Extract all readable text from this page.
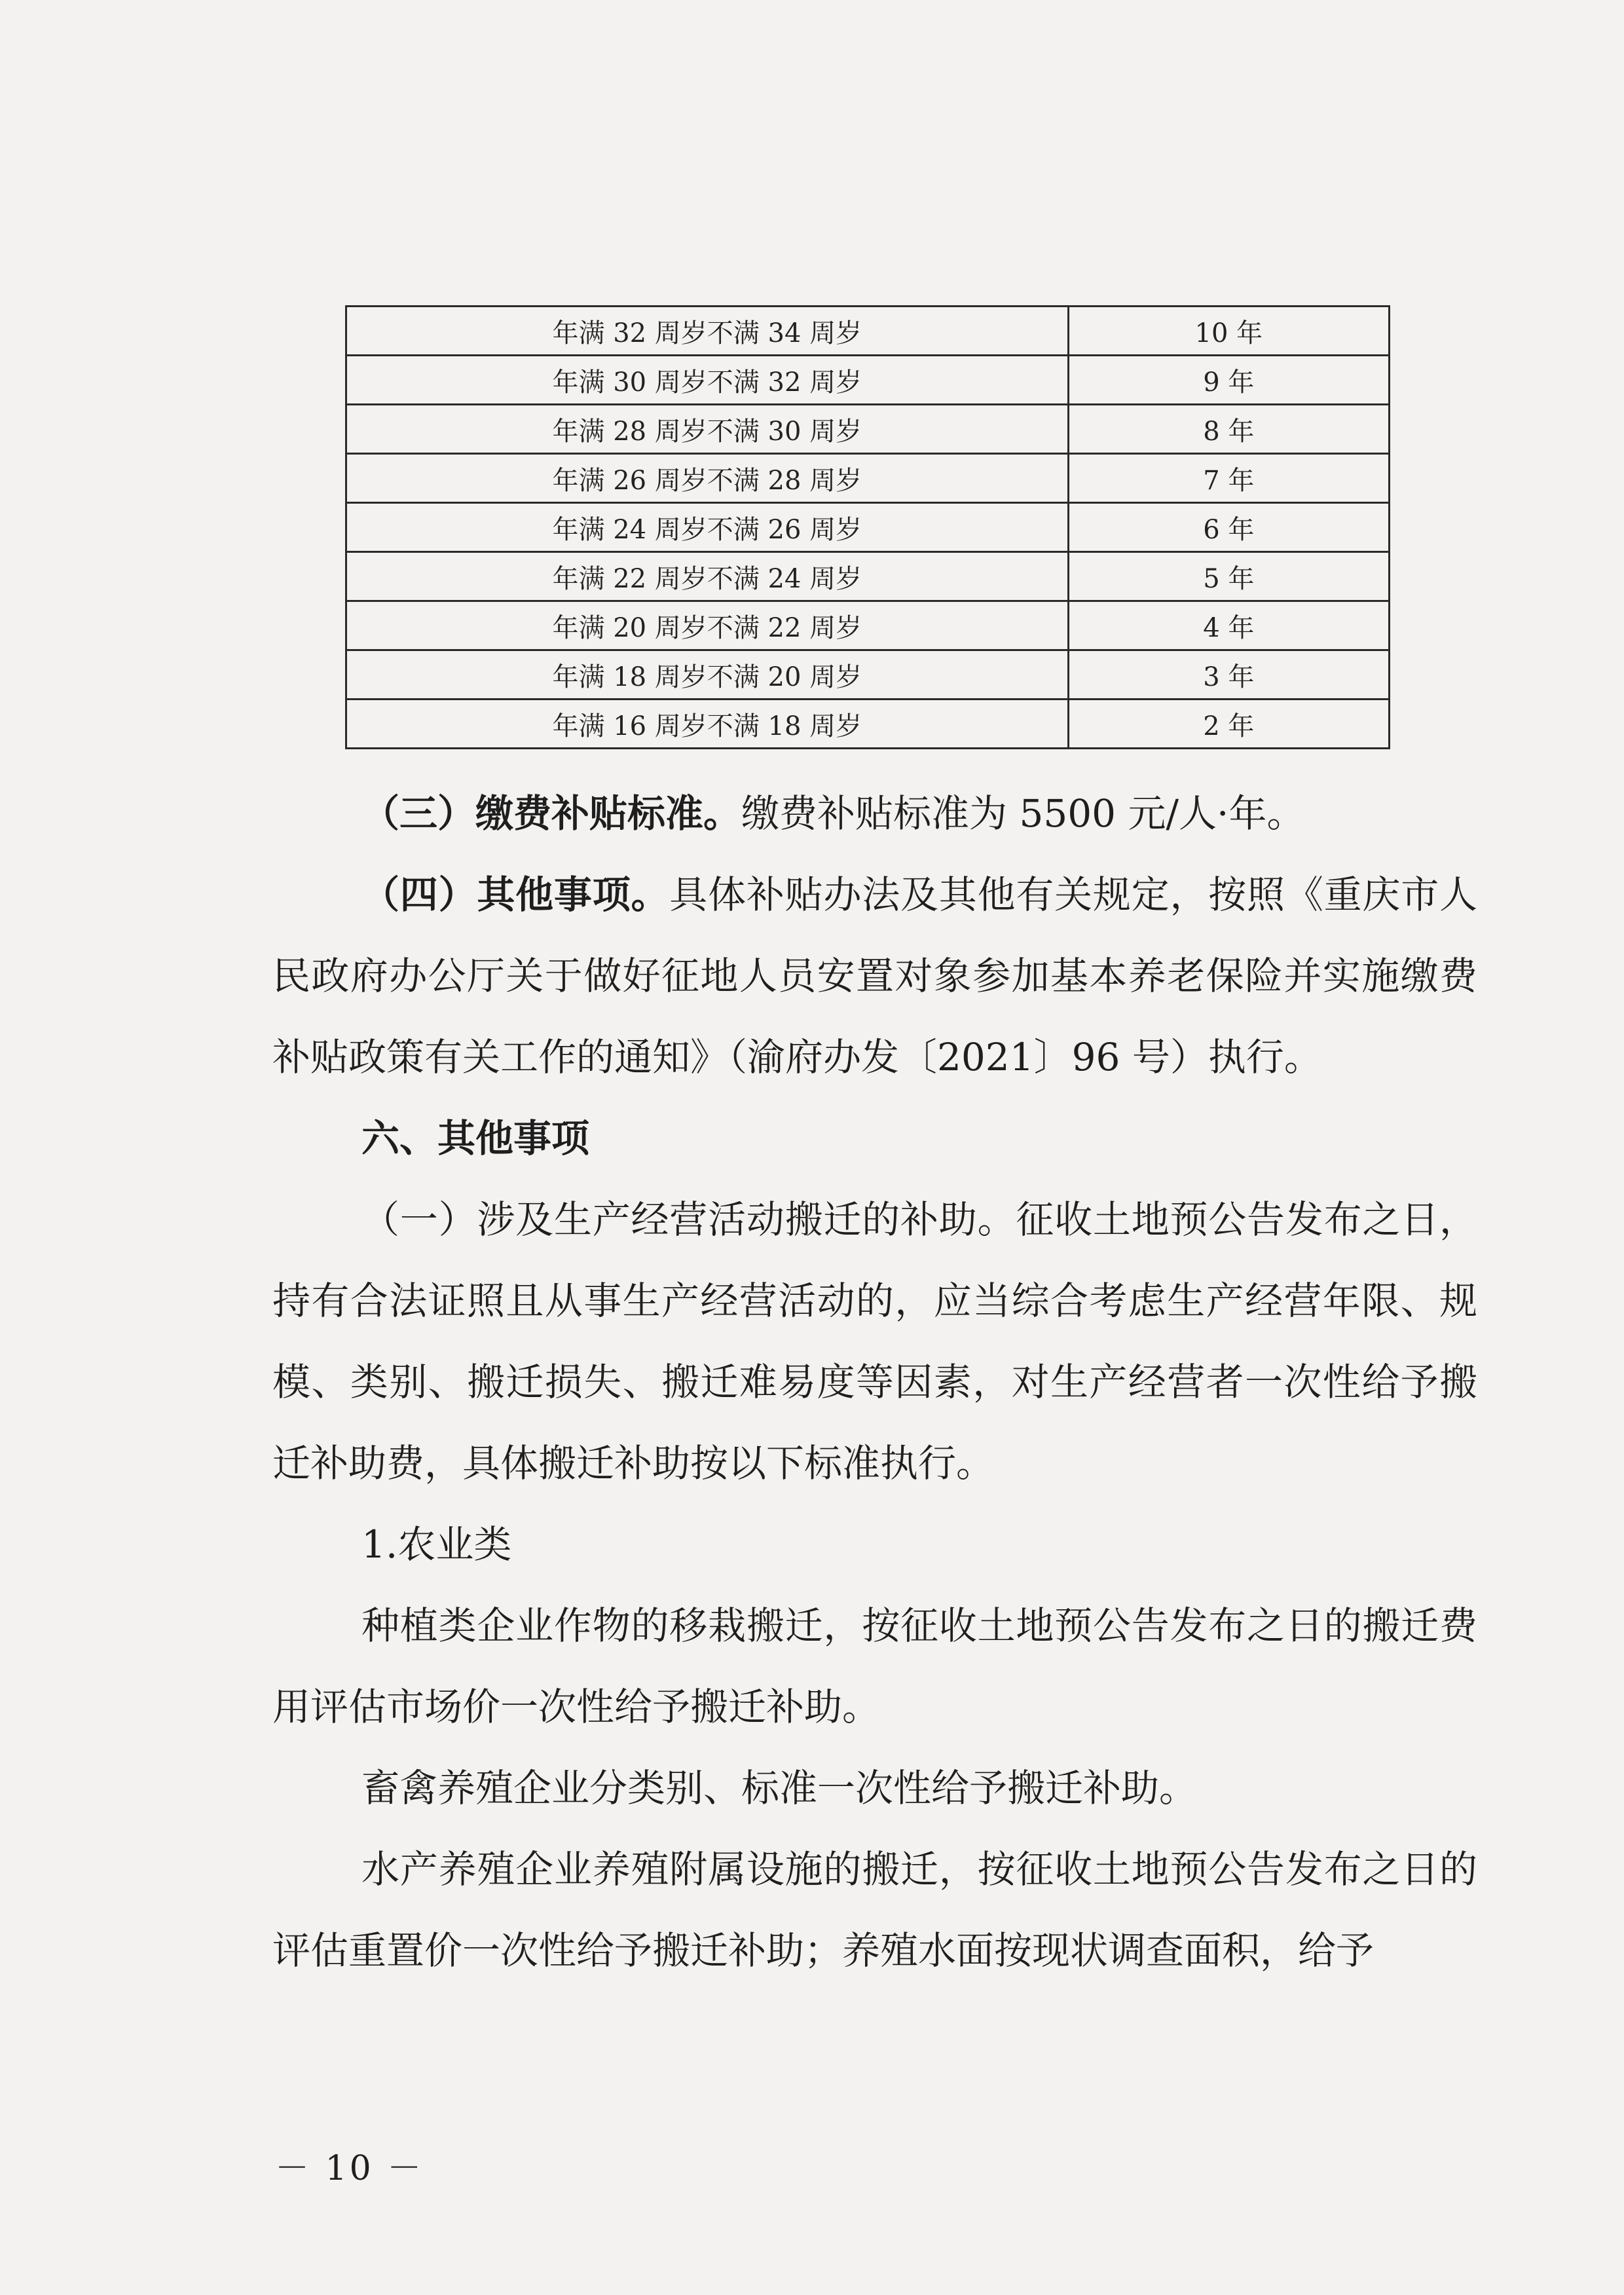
年满 32 周岁不满 34 周岁	10 年
年满 30 周岁不满 32 周岁	9 年
年满 28 周岁不满 30 周岁	8 年
年满 26 周岁不满 28 周岁	7 年
年满 24 周岁不满 26 周岁	6 年
年满 22 周岁不满 24 周岁	5 年
年满 20 周岁不满 22 周岁	4 年
年满 18 周岁不满 20 周岁	3 年
年满 16 周岁不满 18 周岁	2 年

（三）缴费补贴标准。缴费补贴标准为 5500 元/人·年。

（四）其他事项。具体补贴办法及其他有关规定，按照《重庆市人民政府办公厅关于做好征地人员安置对象参加基本养老保险并实施缴费补贴政策有关工作的通知》（渝府办发〔2021〕96 号）执行。

六、其他事项

（一）涉及生产经营活动搬迁的补助。征收土地预公告发布之日，持有合法证照且从事生产经营活动的，应当综合考虑生产经营年限、规模、类别、搬迁损失、搬迁难易度等因素，对生产经营者一次性给予搬迁补助费，具体搬迁补助按以下标准执行。

1.农业类

种植类企业作物的移栽搬迁，按征收土地预公告发布之日的搬迁费用评估市场价一次性给予搬迁补助。

畜禽养殖企业分类别、标准一次性给予搬迁补助。

水产养殖企业养殖附属设施的搬迁，按征收土地预公告发布之日的评估重置价一次性给予搬迁补助；养殖水面按现状调查面积，给予

－ 10 －
